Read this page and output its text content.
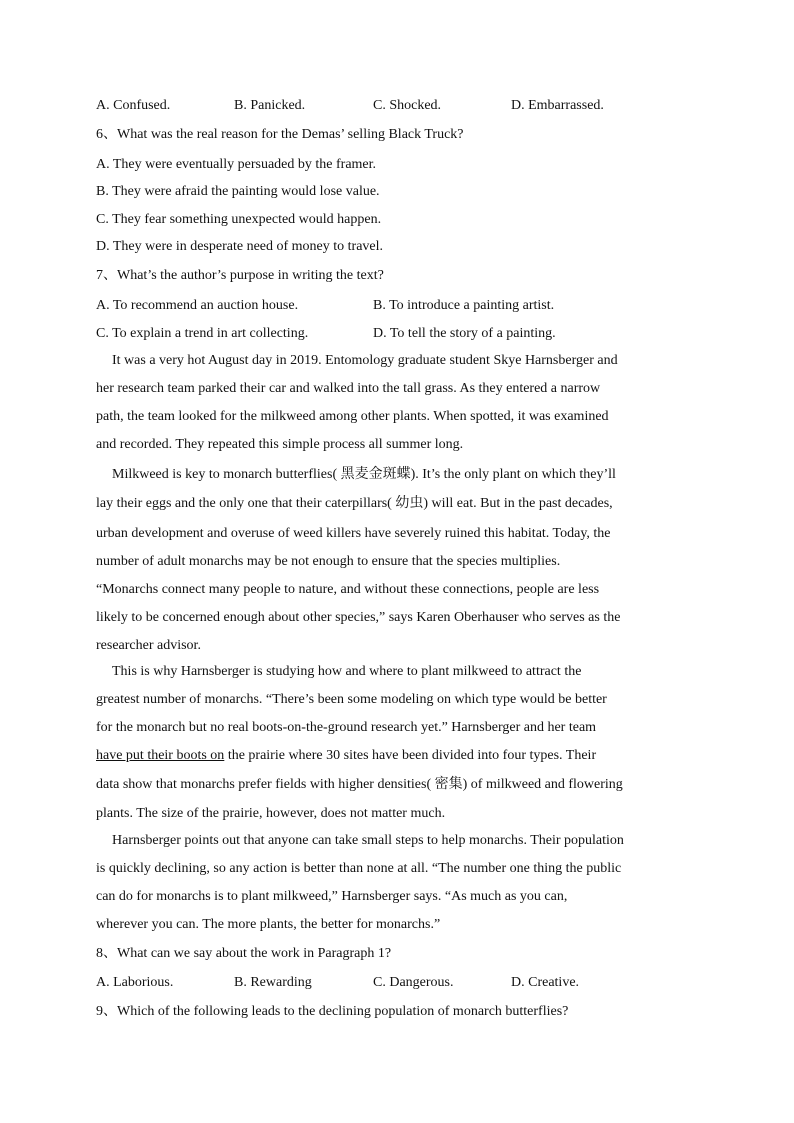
A. Confused.	B. Panicked.	C. Shocked.	D. Embarrassed.
6、What was the real reason for the Demas’ selling Black Truck?
A. They were eventually persuaded by the framer.
B. They were afraid the painting would lose value.
C. They fear something unexpected would happen.
D. They were in desperate need of money to travel.
7、What’s the author’s purpose in writing the text?
A. To recommend an auction house.	B. To introduce a painting artist.
C. To explain a trend in art collecting.	D. To tell the story of a painting.
It was a very hot August day in 2019. Entomology graduate student Skye Harnsberger and
her research team parked their car and walked into the tall grass. As they entered a narrow
path, the team looked for the milkweed among other plants. When spotted, it was examined
and recorded. They repeated this simple process all summer long.
Milkweed is key to monarch butterflies( 黑麦金斑蝶). It’s the only plant on which they’ll
lay their eggs and the only one that their caterpillars( 幼虫) will eat. But in the past decades,
urban development and overuse of weed killers have severely ruined this habitat. Today, the
number of adult monarchs may be not enough to ensure that the species multiplies.
“Monarchs connect many people to nature, and without these connections, people are less
likely to be concerned enough about other species,” says Karen Oberhauser who serves as the
researcher advisor.
This is why Harnsberger is studying how and where to plant milkweed to attract the
greatest number of monarchs. “There’s been some modeling on which type would be better
for the monarch but no real boots-on-the-ground research yet.” Harnsberger and her team
have put their boots on the prairie where 30 sites have been divided into four types. Their
data show that monarchs prefer fields with higher densities( 密集) of milkweed and flowering
plants. The size of the prairie, however, does not matter much.
Harnsberger points out that anyone can take small steps to help monarchs. Their population
is quickly declining, so any action is better than none at all. “The number one thing the public
can do for monarchs is to plant milkweed,” Harnsberger says. “As much as you can,
wherever you can. The more plants, the better for monarchs.”
8、What can we say about the work in Paragraph 1?
A. Laborious.	B. Rewarding	C. Dangerous.	D. Creative.
9、Which of the following leads to the declining population of monarch butterflies?
